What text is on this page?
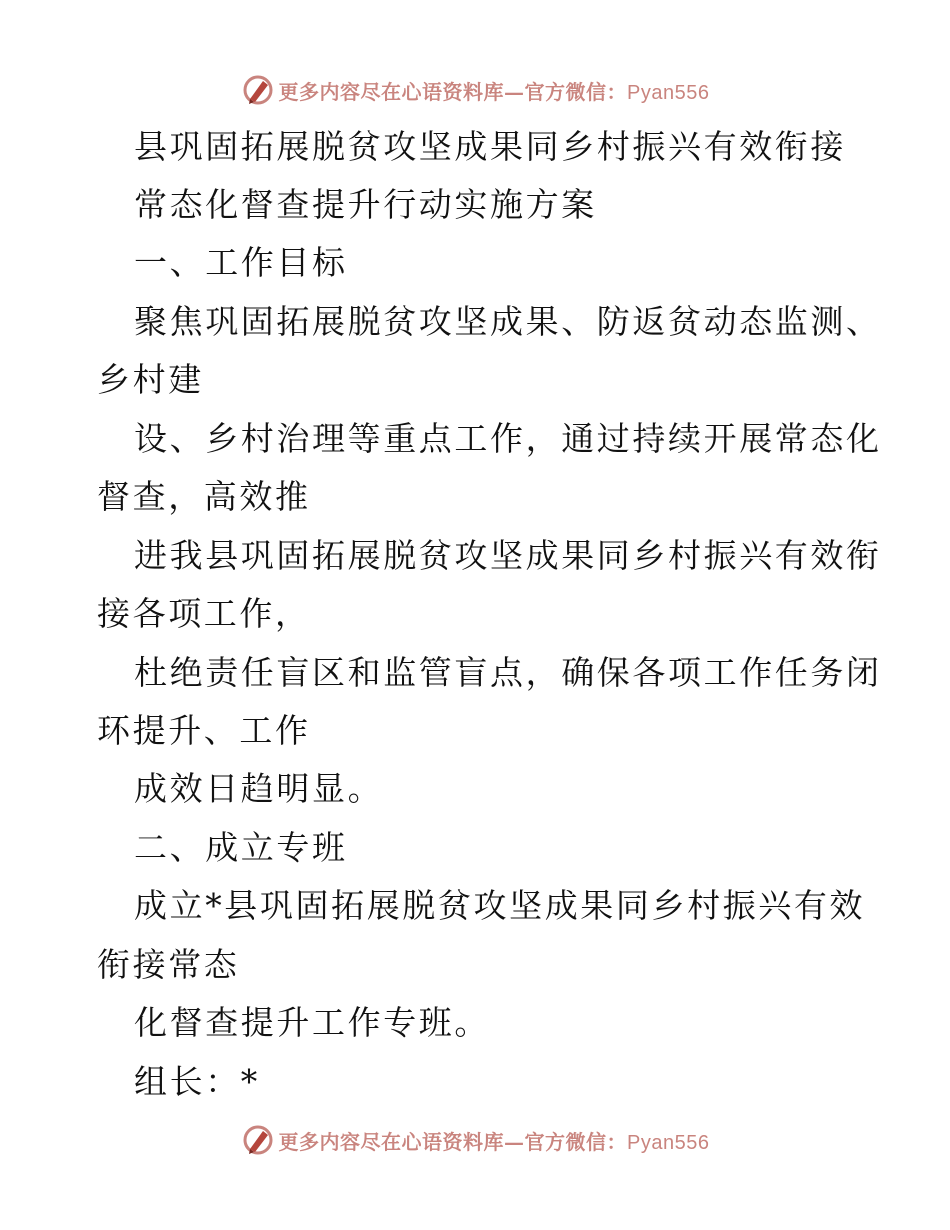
更多内容尽在心语资料库—官方微信：Pyan556
县巩固拓展脱贫攻坚成果同乡村振兴有效衔接
常态化督查提升行动实施方案
一、工作目标
聚焦巩固拓展脱贫攻坚成果、防返贫动态监测、
乡村建
设、乡村治理等重点工作，通过持续开展常态化
督查，高效推
进我县巩固拓展脱贫攻坚成果同乡村振兴有效衔
接各项工作，
杜绝责任盲区和监管盲点，确保各项工作任务闭
环提升、工作
成效日趋明显。
二、成立专班
成立*县巩固拓展脱贫攻坚成果同乡村振兴有效
衔接常态
化督查提升工作专班。
组长：*
更多内容尽在心语资料库—官方微信：Pyan556
